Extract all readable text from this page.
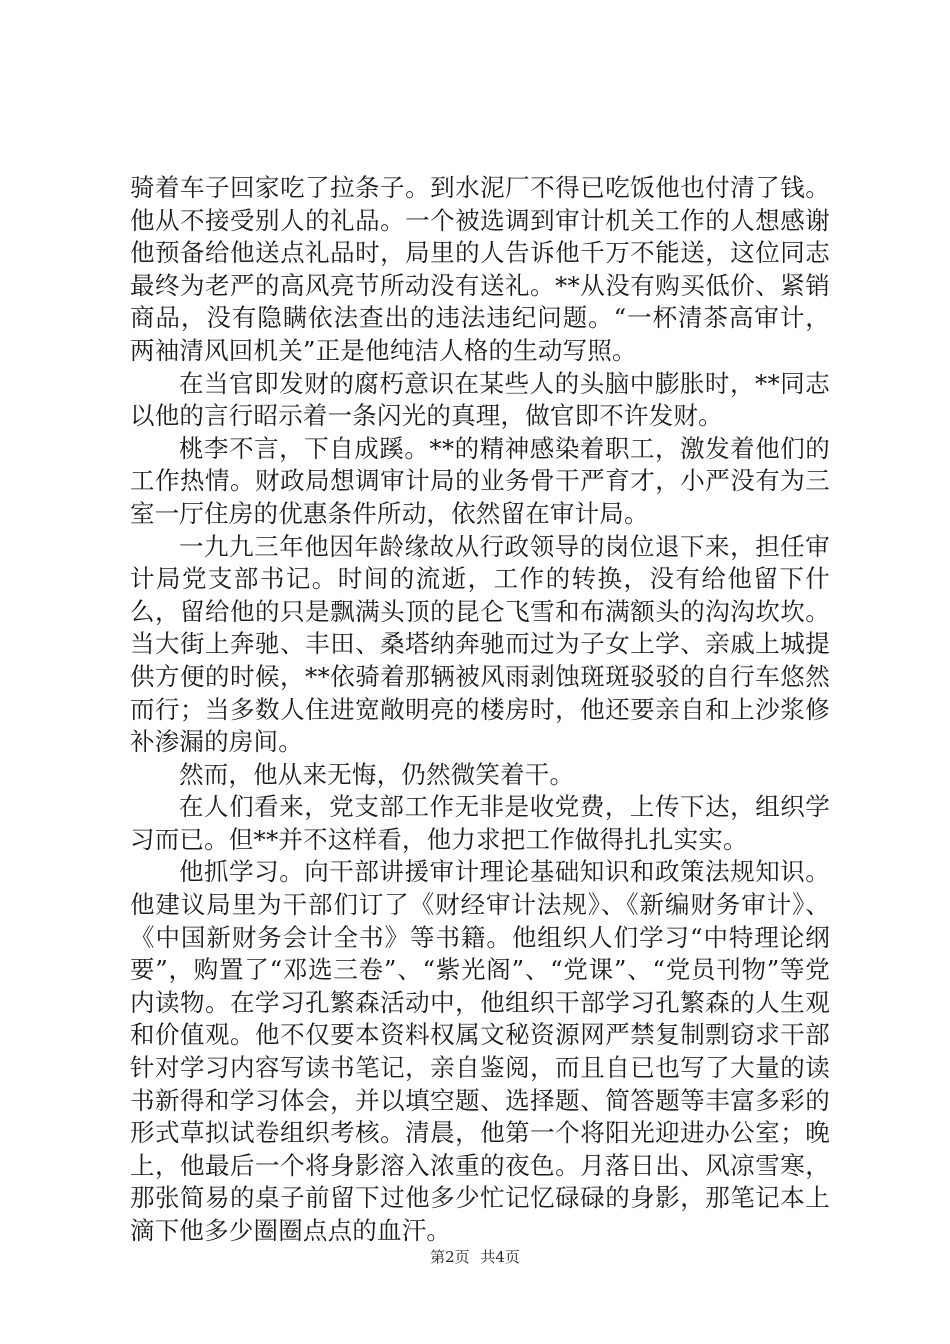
骑着车子回家吃了拉条子。到水泥厂不得已吃饭他也付清了钱。他从不接受别人的礼品。一个被选调到审计机关工作的人想感谢他预备给他送点礼品时，局里的人告诉他千万不能送，这位同志最终为老严的高风亮节所动没有送礼。**从没有购买低价、紧销商品，没有隐瞒依法查出的违法违纪问题。“一杯清茶高审计，两袖清风回机关”正是他纯洁人格的生动写照。

在当官即发财的腐朽意识在某些人的头脑中膨胀时，**同志以他的言行昭示着一条闪光的真理，做官即不许发财。

桃李不言，下自成蹊。**的精神感染着职工，激发着他们的工作热情。财政局想调审计局的业务骨干严育才，小严没有为三室一厅住房的优惠条件所动，依然留在审计局。

一九九三年他因年龄缘故从行政领导的岗位退下来，担任审计局党支部书记。时间的流逝，工作的转换，没有给他留下什么，留给他的只是飘满头顶的昆仑飞雪和布满额头的沟沟坎坎。当大街上奔驰、丰田、桑塔纳奔驰而过为子女上学、亲戚上城提供方便的时候，**依骑着那辆被风雨剥蚀斑斑驳驳的自行车悠然而行；当多数人住进宽敞明亮的楼房时，他还要亲自和上沙浆修补渗漏的房间。

然而，他从来无悔，仍然微笑着干。

在人们看来，党支部工作无非是收党费，上传下达，组织学习而已。但**并不这样看，他力求把工作做得扎扎实实。

他抓学习。向干部讲援审计理论基础知识和政策法规知识。他建议局里为干部们订了《财经审计法规》、《新编财务审计》、《中国新财务会计全书》等书籍。他组织人们学习“中特理论纲要”，购置了“邓选三卷”、“紫光阁”、“党课”、“党员刊物”等党内读物。在学习孔繁森活动中，他组织干部学习孔繁森的人生观和价值观。他不仅要本资料权属文秘资源网严禁复制剽窃求干部针对学习内容写读书笔记，亲自鉴阅，而且自已也写了大量的读书新得和学习体会，并以填空题、选择题、简答题等丰富多彩的形式草拟试卷组织考核。清晨，他第一个将阳光迎进办公室；晚上，他最后一个将身影溶入浓重的夜色。月落日出、风凉雪寒，那张简易的桌子前留下过他多少忙记忆碌碌的身影，那笔记本上滴下他多少圈圈点点的血汗。

第2页 共4页
